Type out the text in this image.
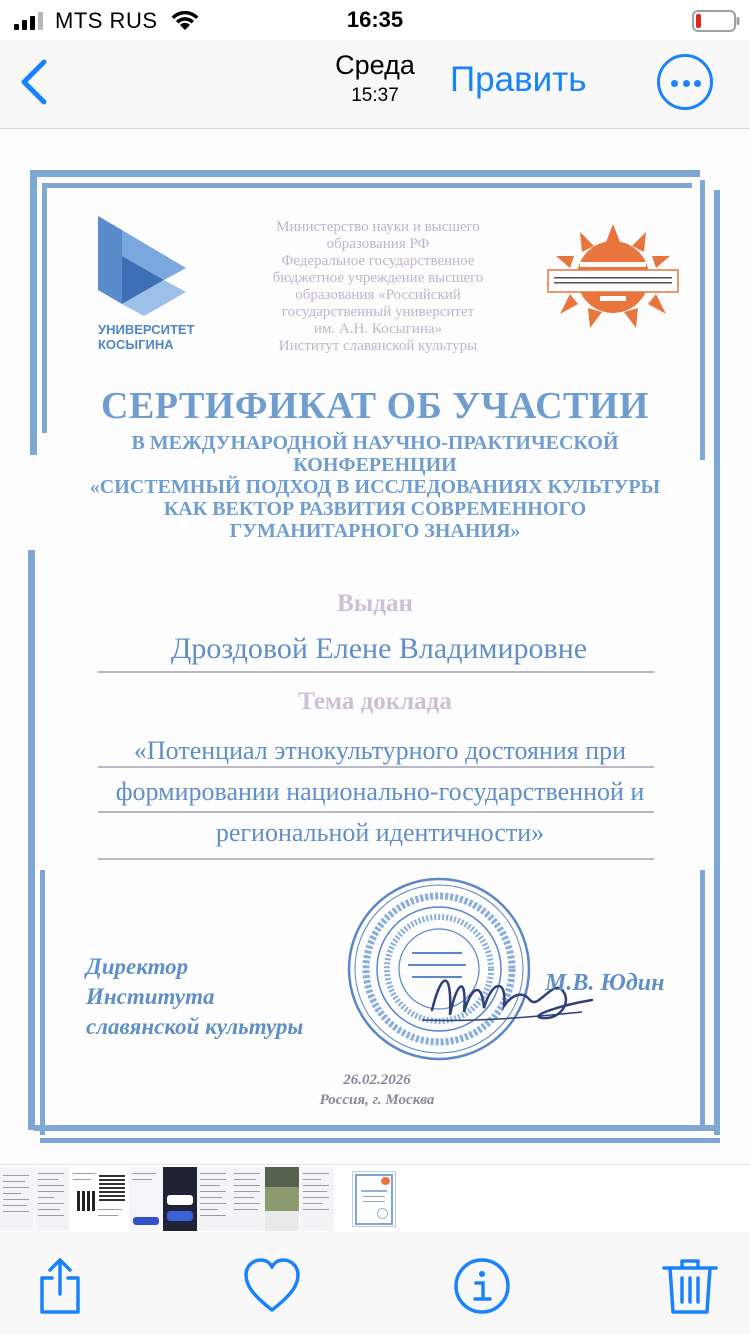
MTS RUS	16:35
Среда
15:37	Править
УНИВЕРСИТЕТ
КОСЫГИНА
Министерство науки и высшего
образования РФ
Федеральное государственное
бюджетное учреждение высшего
образования «Российский
государственный университет
им. А.Н. Косыгина»
Институт славянской культуры
СЕРТИФИКАТ ОБ УЧАСТИИ
В МЕЖДУНАРОДНОЙ НАУЧНО-ПРАКТИЧЕСКОЙ
КОНФЕРЕНЦИИ
«СИСТЕМНЫЙ ПОДХОД В ИССЛЕДОВАНИЯХ КУЛЬТУРЫ
КАК ВЕКТОР РАЗВИТИЯ СОВРЕМЕННОГО
ГУМАНИТАРНОГО ЗНАНИЯ»
Выдан
Дроздовой Елене Владимировне
Тема доклада
«Потенциал этнокультурного достояния при
формировании национально-государственной и
региональной идентичности»
Директор
Института
славянской культуры
М.В. Юдин
26.02.2026
Россия, г. Москва
